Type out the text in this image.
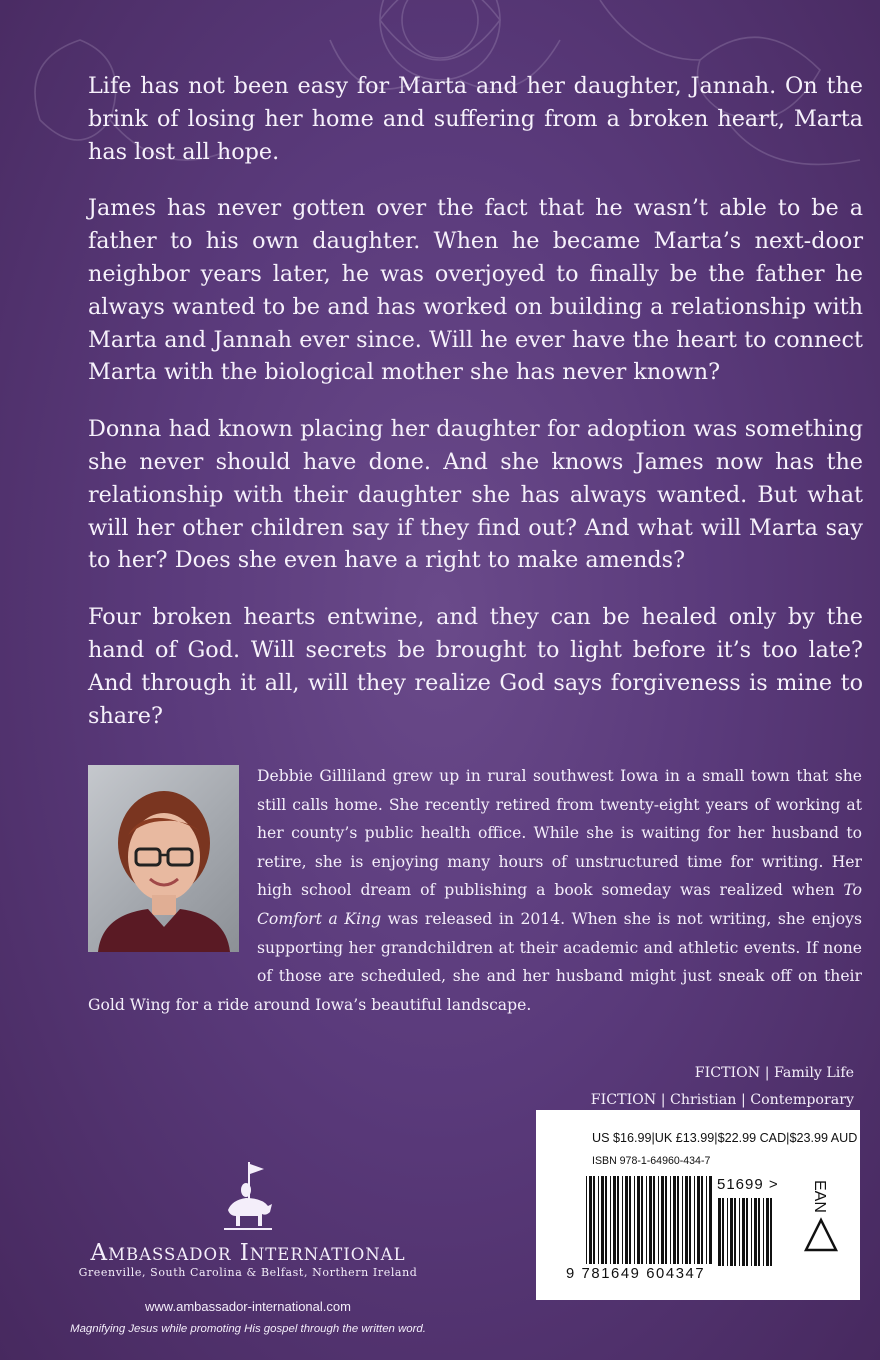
Life has not been easy for Marta and her daughter, Jannah. On the brink of losing her home and suffering from a broken heart, Marta has lost all hope.

James has never gotten over the fact that he wasn’t able to be a father to his own daughter. When he became Marta’s next-door neighbor years later, he was overjoyed to finally be the father he always wanted to be and has worked on building a relationship with Marta and Jannah ever since. Will he ever have the heart to connect Marta with the biological mother she has never known?

Donna had known placing her daughter for adoption was something she never should have done. And she knows James now has the relationship with their daughter she has always wanted. But what will her other children say if they find out? And what will Marta say to her? Does she even have a right to make amends?

Four broken hearts entwine, and they can be healed only by the hand of God. Will secrets be brought to light before it’s too late? And through it all, will they realize God says forgiveness is mine to share?

Debbie Gilliland grew up in rural southwest Iowa in a small town that she still calls home. She recently retired from twenty-eight years of working at her county’s public health office. While she is waiting for her husband to retire, she is enjoying many hours of unstructured time for writing. Her high school dream of publishing a book someday was realized when To Comfort a King was released in 2014. When she is not writing, she enjoys supporting her grandchildren at their academic and athletic events. If none of those are scheduled, she and her husband might just sneak off on their Gold Wing for a ride around Iowa’s beautiful landscape.
FICTION | Family Life
FICTION | Christian | Contemporary
AMBASSADOR INTERNATIONAL
Greenville, South Carolina & Belfast, Northern Ireland
www.ambassador-international.com
Magnifying Jesus while promoting His gospel through the written word.
US $16.99|UK £13.99|$22.99 CAD|$23.99 AUD
ISBN 978-1-64960-434-7
9 781649 604347
51699 > EAN
